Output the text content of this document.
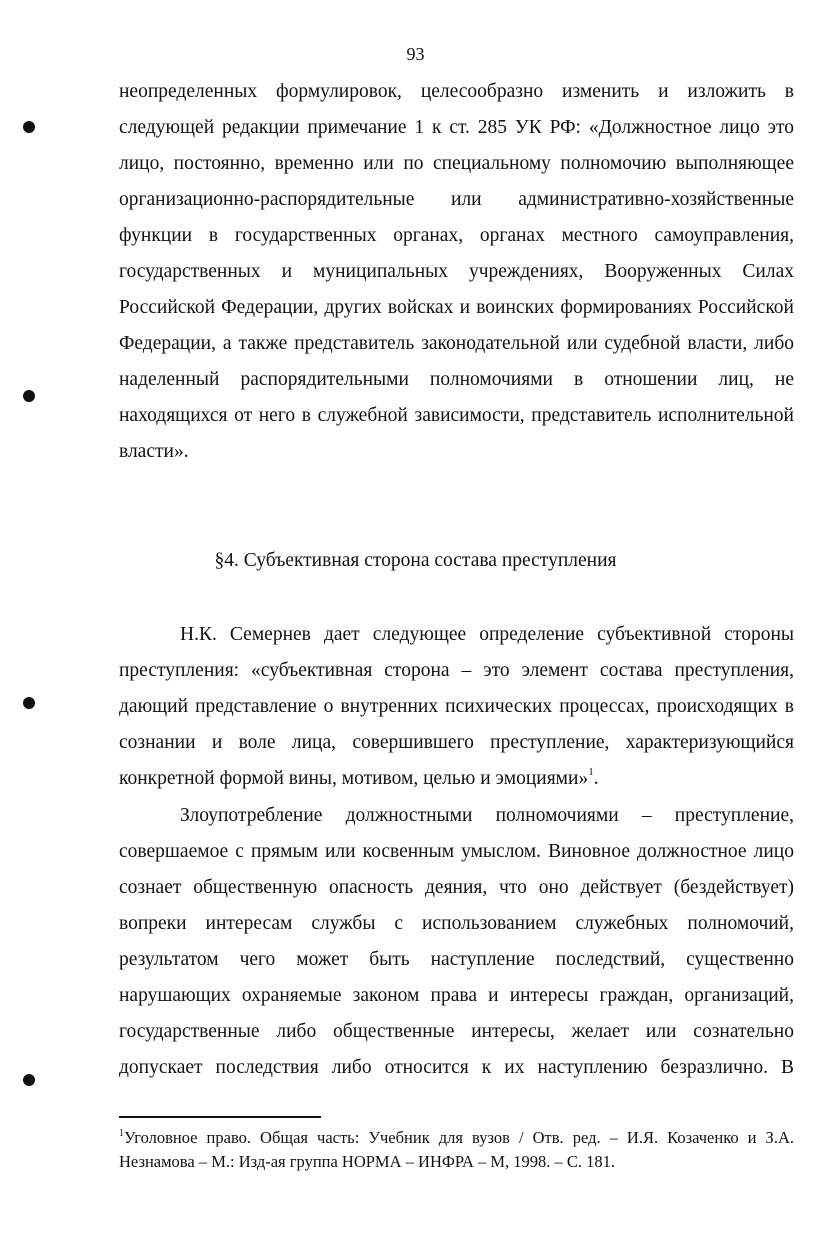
93
неопределенных формулировок, целесообразно изменить и изложить в
следующей редакции примечание 1 к ст. 285 УК РФ: «Должностное лицо это
лицо, постоянно, временно или по специальному полномочию выполняющее
организационно-распорядительные или административно-хозяйственные
функции в государственных органах, органах местного самоуправления,
государственных и муниципальных учреждениях, Вооруженных Силах
Российской Федерации, других войсках и воинских формированиях Российской
Федерации, а также представитель законодательной или судебной власти, либо
наделенный распорядительными полномочиями в отношении лиц, не
находящихся от него в служебной зависимости, представитель исполнительной
власти».
§4. Субъективная сторона состава преступления
Н.К. Семернев дает следующее определение субъективной стороны
преступления: «субъективная сторона – это элемент состава преступления,
дающий представление о внутренних психических процессах, происходящих в
сознании и воле лица, совершившего преступление, характеризующийся
конкретной формой вины, мотивом, целью и эмоциями»$^1$.
Злоупотребление должностными полномочиями – преступление,
совершаемое с прямым или косвенным умыслом. Виновное должностное лицо
сознает общественную опасность деяния, что оно действует (бездействует)
вопреки интересам службы с использованием служебных полномочий,
результатом чего может быть наступление последствий, существенно
нарушающих охраняемые законом права и интересы граждан, организаций,
государственные либо общественные интересы, желает или сознательно
допускает последствия либо относится к их наступлению безразлично. В
$^1$Уголовное право. Общая часть: Учебник для вузов / Отв. ред. – И.Я. Козаченко и З.А.
Незнамова – М.: Изд-ая группа НОРМА – ИНФРА – М, 1998. – С. 181.
